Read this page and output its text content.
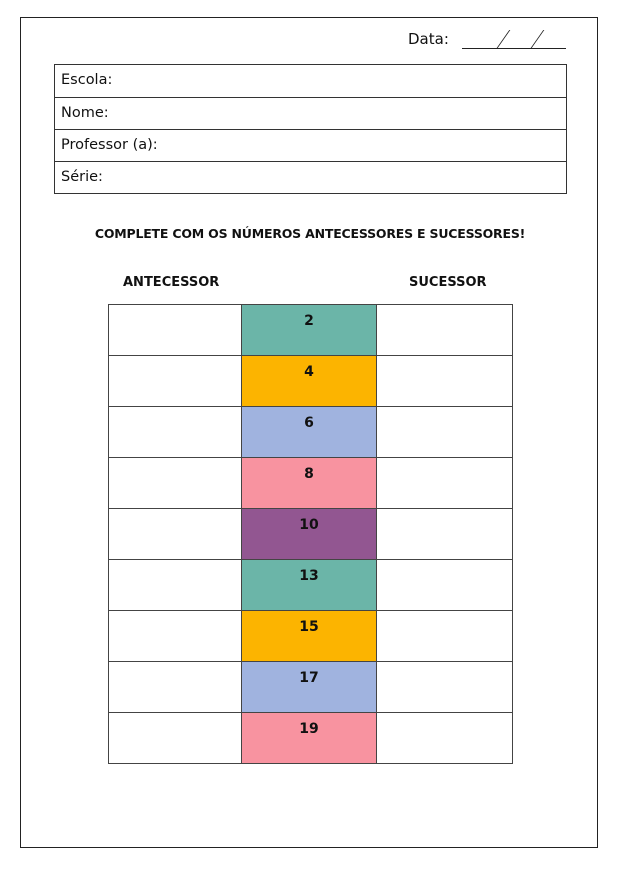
Data:
Escola:
Nome:
Professor (a):
Série:
COMPLETE COM OS NÚMEROS ANTECESSORES E SUCESSORES!
ANTECESSOR	SUCESSOR
2
4
6
8
10
13
15
17
19
